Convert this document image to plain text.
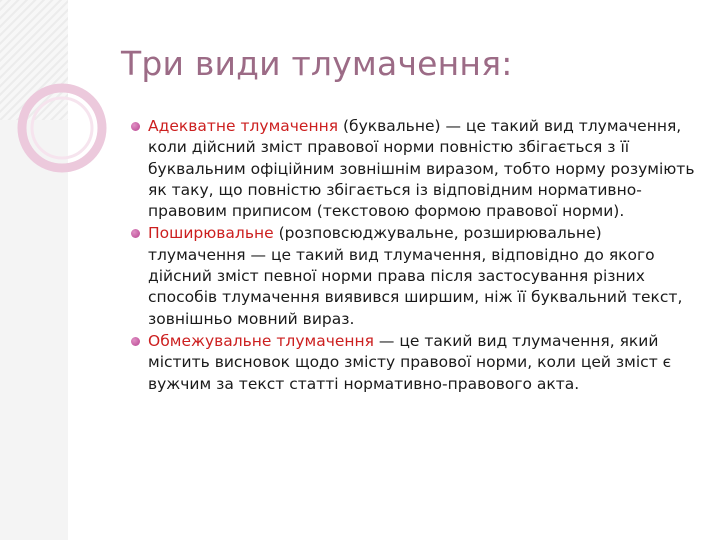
Три види тлумачення:
Адекватне тлумачення (буквальне) — це такий вид тлумачення, коли дійсний зміст правової норми повністю збігається з її буквальним офіційним зовнішнім виразом, тобто норму розуміють як таку, що повністю збігається із відповідним нормативно-правовим приписом (текстовою формою правової норми).
Поширювальне (розповсюджувальне, розширювальне) тлумачення — це такий вид тлумачення, відповідно до якого дійсний зміст певної норми права після застосування різних способів тлумачення виявився ширшим, ніж її буквальний текст, зовнішньо мовний вираз.
Обмежувальне тлумачення — це такий вид тлумачення, який містить висновок щодо змісту правової норми, коли цей зміст є вужчим за текст статті нормативно-правового акта.
